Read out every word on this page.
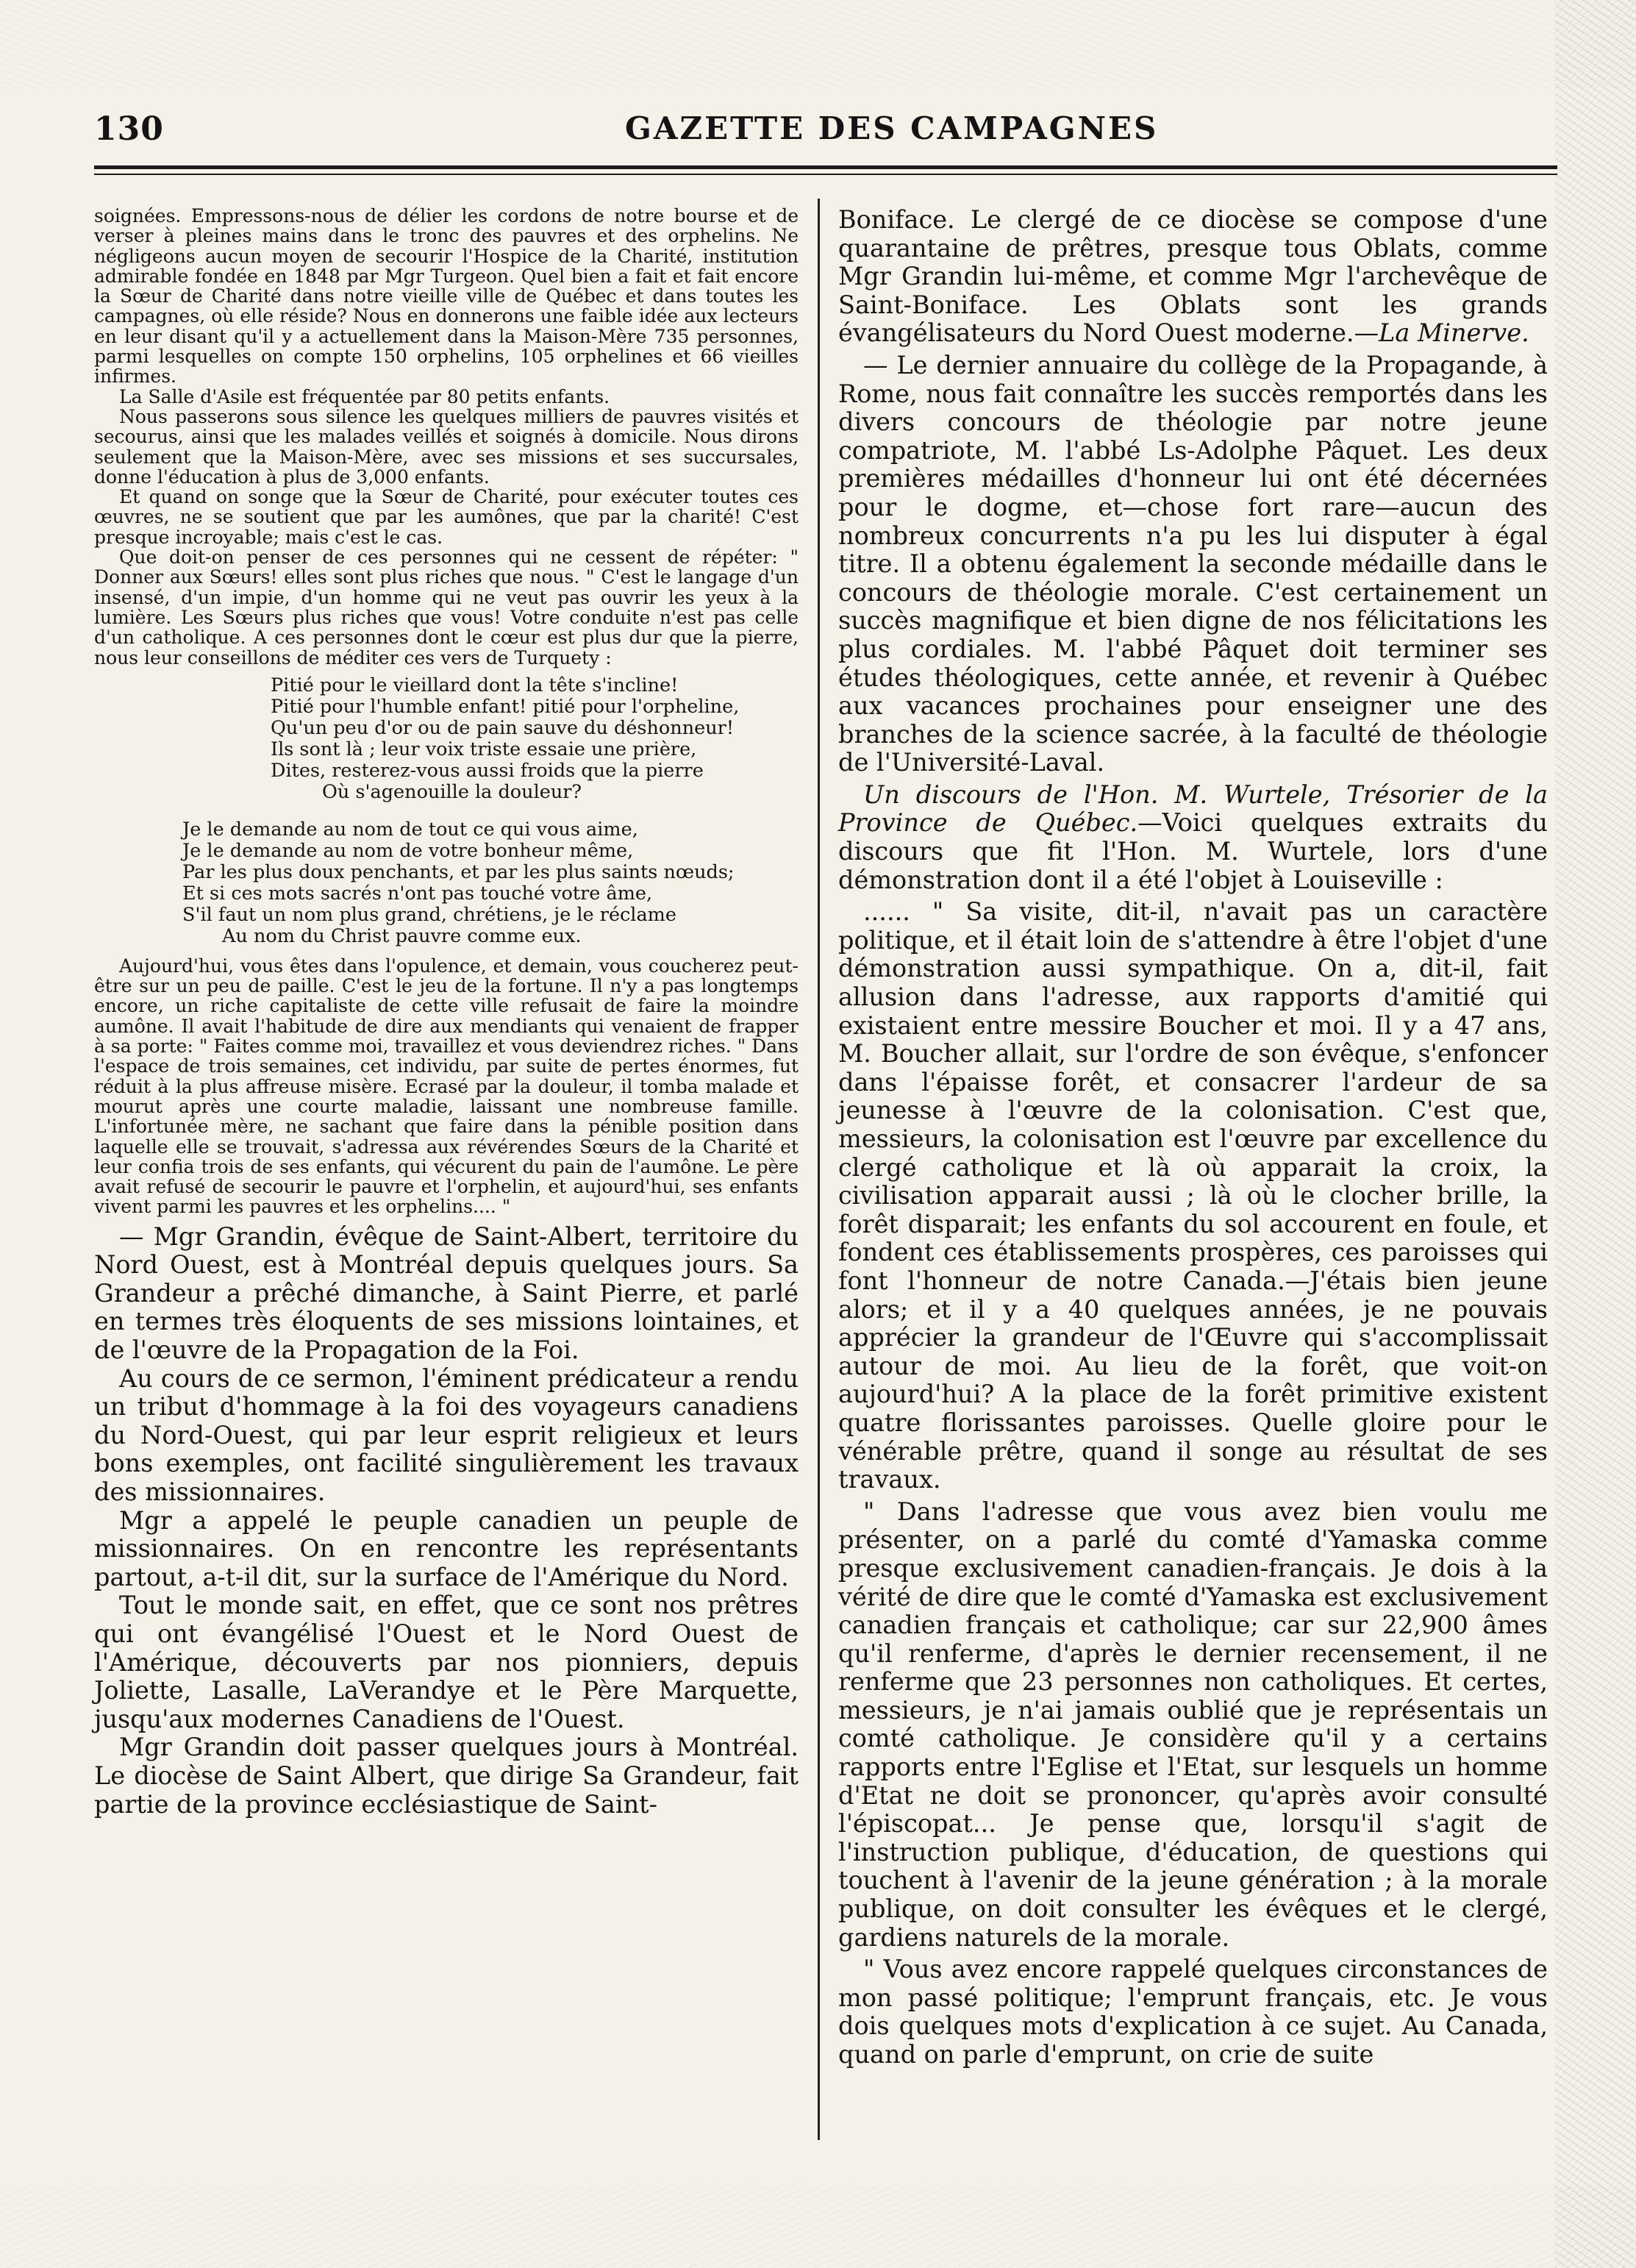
130	GAZETTE DES CAMPAGNES

soignées. Empressons-nous de délier les cordons de notre bourse et de verser à pleines mains dans le tronc des pauvres et des orphelins. Ne négligeons aucun moyen de secourir l'Hospice de la Charité, institution admirable fondée en 1848 par Mgr Turgeon. Quel bien a fait et fait encore la Sœur de Charité dans notre vieille ville de Québec et dans toutes les campagnes, où elle réside? Nous en donnerons une faible idée aux lecteurs en leur disant qu'il y a actuellement dans la Maison-Mère 735 personnes, parmi lesquelles on compte 150 orphelins, 105 orphelines et 66 vieilles infirmes.

La Salle d'Asile est fréquentée par 80 petits enfants.

Nous passerons sous silence les quelques milliers de pauvres visités et secourus, ainsi que les malades veillés et soignés à domicile. Nous dirons seulement que la Maison-Mère, avec ses missions et ses succursales, donne l'éducation à plus de 3,000 enfants.

Et quand on songe que la Sœur de Charité, pour exécuter toutes ces œuvres, ne se soutient que par les aumônes, que par la charité! C'est presque incroyable; mais c'est le cas.

Que doit-on penser de ces personnes qui ne cessent de répéter: " Donner aux Sœurs! elles sont plus riches que nous. " C'est le langage d'un insensé, d'un impie, d'un homme qui ne veut pas ouvrir les yeux à la lumière. Les Sœurs plus riches que vous! Votre conduite n'est pas celle d'un catholique. A ces personnes dont le cœur est plus dur que la pierre, nous leur conseillons de méditer ces vers de Turquety :

Pitié pour le vieillard dont la tête s'incline!
Pitié pour l'humble enfant! pitié pour l'orpheline,
Qu'un peu d'or ou de pain sauve du déshonneur!
Ils sont là ; leur voix triste essaie une prière,
Dites, resterez-vous aussi froids que la pierre
Où s'agenouille la douleur?
Je le demande au nom de tout ce qui vous aime,
Je le demande au nom de votre bonheur même,
Par les plus doux penchants, et par les plus saints nœuds;
Et si ces mots sacrés n'ont pas touché votre âme,
S'il faut un nom plus grand, chrétiens, je le réclame
Au nom du Christ pauvre comme eux.

Aujourd'hui, vous êtes dans l'opulence, et demain, vous coucherez peut-être sur un peu de paille. C'est le jeu de la fortune. Il n'y a pas longtemps encore, un riche capitaliste de cette ville refusait de faire la moindre aumône. Il avait l'habitude de dire aux mendiants qui venaient de frapper à sa porte: " Faites comme moi, travaillez et vous deviendrez riches. " Dans l'espace de trois semaines, cet individu, par suite de pertes énormes, fut réduit à la plus affreuse misère. Ecrasé par la douleur, il tomba malade et mourut après une courte maladie, laissant une nombreuse famille. L'infortunée mère, ne sachant que faire dans la pénible position dans laquelle elle se trouvait, s'adressa aux révérendes Sœurs de la Charité et leur confia trois de ses enfants, qui vécurent du pain de l'aumône. Le père avait refusé de secourir le pauvre et l'orphelin, et aujourd'hui, ses enfants vivent parmi les pauvres et les orphelins.... "

— Mgr Grandin, évêque de Saint-Albert, territoire du Nord Ouest, est à Montréal depuis quelques jours. Sa Grandeur a prêché dimanche, à Saint Pierre, et parlé en termes très éloquents de ses missions lointaines, et de l'œuvre de la Propagation de la Foi.

Au cours de ce sermon, l'éminent prédicateur a rendu un tribut d'hommage à la foi des voyageurs canadiens du Nord-Ouest, qui par leur esprit religieux et leurs bons exemples, ont facilité singulièrement les travaux des missionnaires.

Mgr a appelé le peuple canadien un peuple de missionnaires. On en rencontre les représentants partout, a-t-il dit, sur la surface de l'Amérique du Nord.

Tout le monde sait, en effet, que ce sont nos prêtres qui ont évangélisé l'Ouest et le Nord Ouest de l'Amérique, découverts par nos pionniers, depuis Joliette, Lasalle, LaVerandye et le Père Marquette, jusqu'aux modernes Canadiens de l'Ouest.

Mgr Grandin doit passer quelques jours à Montréal. Le diocèse de Saint Albert, que dirige Sa Grandeur, fait partie de la province ecclésiastique de Saint-

Boniface. Le clergé de ce diocèse se compose d'une quarantaine de prêtres, presque tous Oblats, comme Mgr Grandin lui-même, et comme Mgr l'archevêque de Saint-Boniface. Les Oblats sont les grands évangélisateurs du Nord Ouest moderne.—La Minerve.

— Le dernier annuaire du collège de la Propagande, à Rome, nous fait connaître les succès remportés dans les divers concours de théologie par notre jeune compatriote, M. l'abbé Ls-Adolphe Pâquet. Les deux premières médailles d'honneur lui ont été décernées pour le dogme, et—chose fort rare—aucun des nombreux concurrents n'a pu les lui disputer à égal titre. Il a obtenu également la seconde médaille dans le concours de théologie morale. C'est certainement un succès magnifique et bien digne de nos félicitations les plus cordiales. M. l'abbé Pâquet doit terminer ses études théologiques, cette année, et revenir à Québec aux vacances prochaines pour enseigner une des branches de la science sacrée, à la faculté de théologie de l'Université-Laval.

Un discours de l'Hon. M. Wurtele, Trésorier de la Province de Québec.—Voici quelques extraits du discours que fit l'Hon. M. Wurtele, lors d'une démonstration dont il a été l'objet à Louiseville :

...... " Sa visite, dit-il, n'avait pas un caractère politique, et il était loin de s'attendre à être l'objet d'une démonstration aussi sympathique. On a, dit-il, fait allusion dans l'adresse, aux rapports d'amitié qui existaient entre messire Boucher et moi. Il y a 47 ans, M. Boucher allait, sur l'ordre de son évêque, s'enfoncer dans l'épaisse forêt, et consacrer l'ardeur de sa jeunesse à l'œuvre de la colonisation. C'est que, messieurs, la colonisation est l'œuvre par excellence du clergé catholique et là où apparait la croix, la civilisation apparait aussi ; là où le clocher brille, la forêt disparait; les enfants du sol accourent en foule, et fondent ces établissements prospères, ces paroisses qui font l'honneur de notre Canada.—J'étais bien jeune alors; et il y a 40 quelques années, je ne pouvais apprécier la grandeur de l'Œuvre qui s'accomplissait autour de moi. Au lieu de la forêt, que voit-on aujourd'hui? A la place de la forêt primitive existent quatre florissantes paroisses. Quelle gloire pour le vénérable prêtre, quand il songe au résultat de ses travaux.

" Dans l'adresse que vous avez bien voulu me présenter, on a parlé du comté d'Yamaska comme presque exclusivement canadien-français. Je dois à la vérité de dire que le comté d'Yamaska est exclusivement canadien français et catholique; car sur 22,900 âmes qu'il renferme, d'après le dernier recensement, il ne renferme que 23 personnes non catholiques. Et certes, messieurs, je n'ai jamais oublié que je représentais un comté catholique. Je considère qu'il y a certains rapports entre l'Eglise et l'Etat, sur lesquels un homme d'Etat ne doit se prononcer, qu'après avoir consulté l'épiscopat... Je pense que, lorsqu'il s'agit de l'instruction publique, d'éducation, de questions qui touchent à l'avenir de la jeune génération ; à la morale publique, on doit consulter les évêques et le clergé, gardiens naturels de la morale.

" Vous avez encore rappelé quelques circonstances de mon passé politique; l'emprunt français, etc. Je vous dois quelques mots d'explication à ce sujet. Au Canada, quand on parle d'emprunt, on crie de suite
